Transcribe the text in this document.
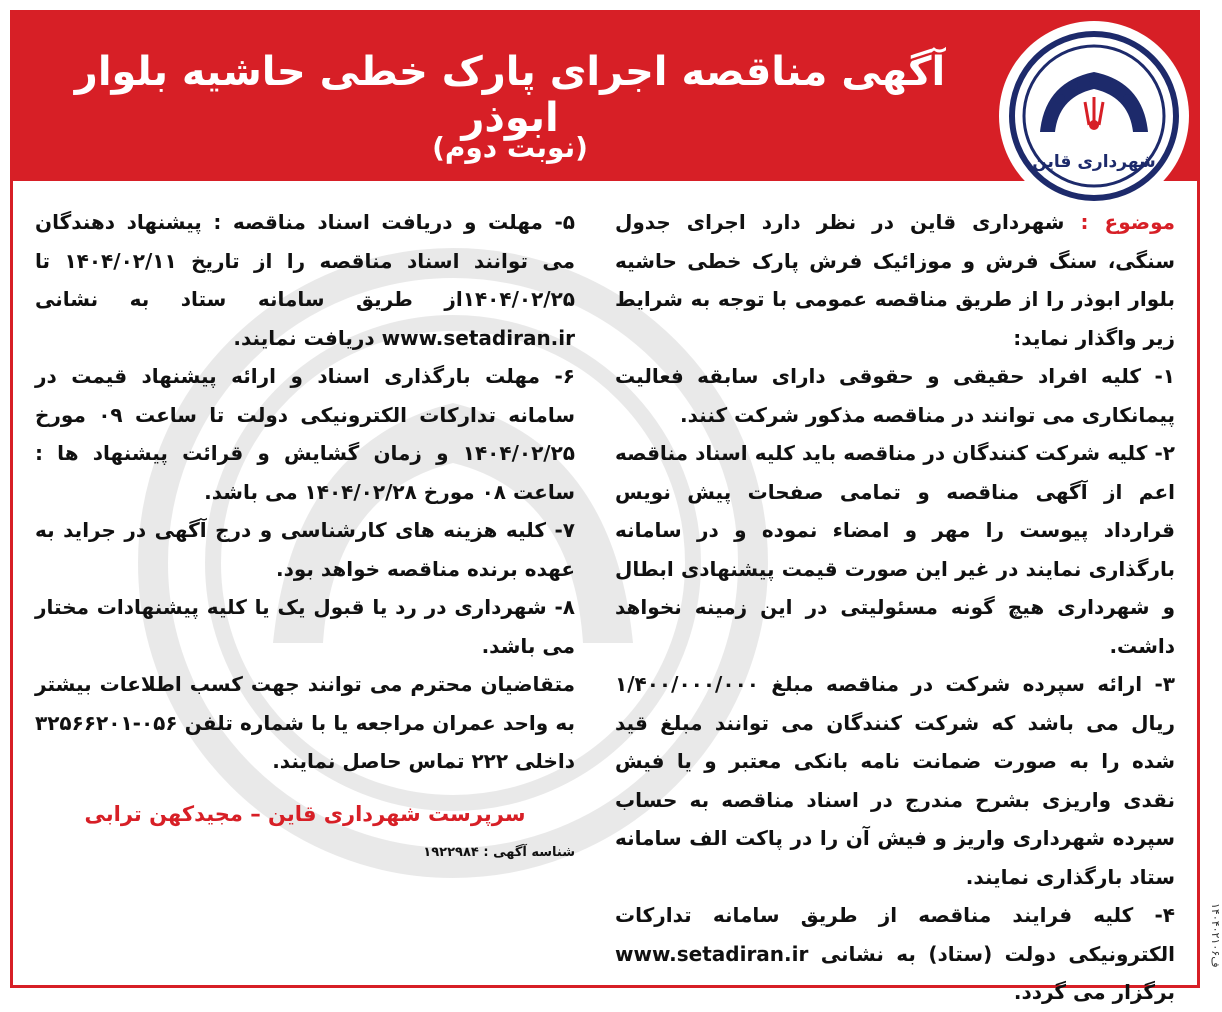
آگهی مناقصه اجرای پارک خطی حاشیه بلوار ابوذر
(نوبت دوم)	شهرداری قاین

موضوع : شهرداری قاین در نظر دارد اجرای جدول سنگی، سنگ فرش و موزائیک فرش پارک خطی حاشیه بلوار ابوذر را از طریق مناقصه عمومی با توجه به شرایط زیر واگذار نماید:

۱- کلیه افراد حقیقی و حقوقی دارای سابقه فعالیت پیمانکاری می توانند در مناقصه مذکور شرکت کنند.

۲- کلیه شرکت کنندگان در مناقصه باید کلیه اسناد مناقصه اعم از آگهی مناقصه و تمامی صفحات پیش نویس قرارداد پیوست را مهر و امضاء نموده و در سامانه بارگذاری نمایند در غیر این صورت قیمت پیشنهادی ابطال و شهرداری هیچ گونه مسئولیتی در این زمینه نخواهد داشت.

۳- ارائه سپرده شرکت در مناقصه مبلغ ۱/۴۰۰/۰۰۰/۰۰۰ ریال می باشد که شرکت کنندگان می توانند مبلغ قید شده را به صورت ضمانت نامه بانکی معتبر و یا فیش نقدی واریزی بشرح مندرج در اسناد مناقصه به حساب سپرده شهرداری واریز و فیش آن را در پاکت الف سامانه ستاد بارگذاری نمایند.

۴- کلیه فرایند مناقصه از طریق سامانه تدارکات الکترونیکی دولت (ستاد) به نشانی www.setadiran.ir برگزار می گردد.

۵- مهلت و دریافت اسناد مناقصه : پیشنهاد دهندگان می توانند اسناد مناقصه را از تاریخ ۱۴۰۴/۰۲/۱۱ تا ۱۴۰۴/۰۲/۲۵از طریق سامانه ستاد به نشانی www.setadiran.ir دریافت نمایند.

۶- مهلت بارگذاری اسناد و ارائه پیشنهاد قیمت در سامانه تدارکات الکترونیکی دولت تا ساعت ۰۹ مورخ ۱۴۰۴/۰۲/۲۵ و زمان گشایش و قرائت پیشنهاد ها : ساعت ۰۸ مورخ ۱۴۰۴/۰۲/۲۸ می باشد.

۷- کلیه هزینه های کارشناسی و درج آگهی در جراید به عهده برنده مناقصه خواهد بود.

۸- شهرداری در رد یا قبول یک یا کلیه پیشنهادات مختار می باشد.

متقاضیان محترم می توانند جهت کسب اطلاعات بیشتر به واحد عمران مراجعه یا با شماره تلفن ۰۵۶-۳۲۵۶۶۲۰۱ داخلی ۲۲۲ تماس حاصل نمایند.

سرپرست شهرداری قاین – مجیدکهن ترابی

شناسه آگهی : ۱۹۲۲۹۸۴

ف۱۴۰۴۰۲۱۰۶
